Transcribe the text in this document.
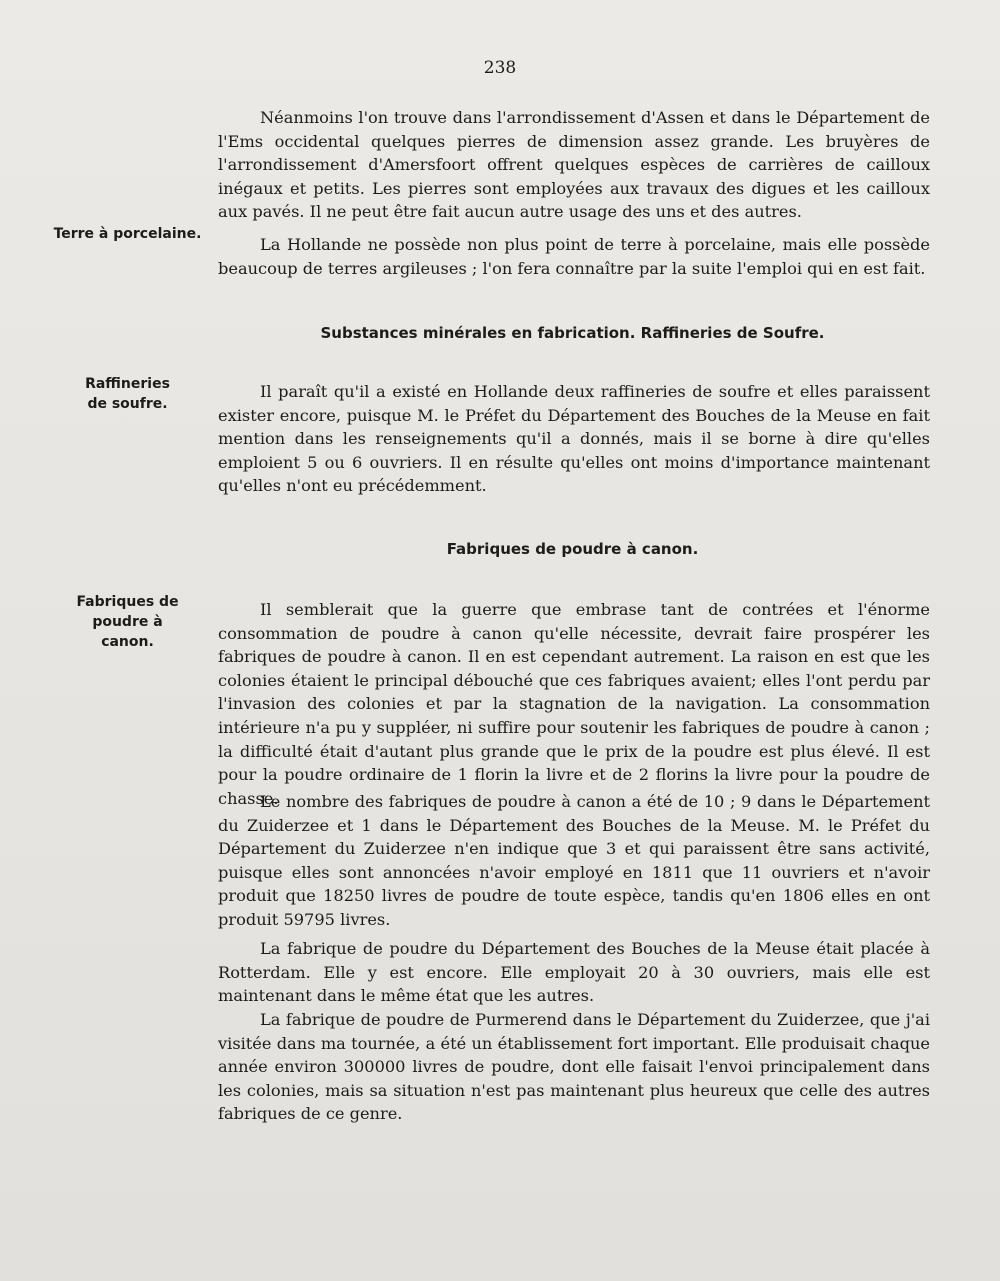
238

Néanmoins l'on trouve dans l'arrondissement d'Assen et dans le Département de l'Ems occidental quelques pierres de dimension assez grande. Les bruyères de l'arrondissement d'Amersfoort offrent quelques espèces de carrières de cailloux inégaux et petits. Les pierres sont employées aux travaux des digues et les cailloux aux pavés. Il ne peut être fait aucun autre usage des uns et des autres.

Terre à porcelaine.

La Hollande ne possède non plus point de terre à porcelaine, mais elle possède beaucoup de terres argileuses ; l'on fera connaître par la suite l'emploi qui en est fait.

Substances minérales en fabrication. Raffineries de Soufre.
Raffineries de soufre.

Il paraît qu'il a existé en Hollande deux raffineries de soufre et elles paraissent exister encore, puisque M. le Préfet du Département des Bouches de la Meuse en fait mention dans les renseignements qu'il a donnés, mais il se borne à dire qu'elles emploient 5 ou 6 ouvriers. Il en résulte qu'elles ont moins d'importance maintenant qu'elles n'ont eu précédemment.

Fabriques de poudre à canon.
Fabriques de poudre à canon.

Il semblerait que la guerre que embrase tant de contrées et l'énorme consommation de poudre à canon qu'elle nécessite, devrait faire prospérer les fabriques de poudre à canon. Il en est cependant autrement. La raison en est que les colonies étaient le principal débouché que ces fabriques avaient; elles l'ont perdu par l'invasion des colonies et par la stagnation de la navigation. La consommation intérieure n'a pu y suppléer, ni suffire pour soutenir les fabriques de poudre à canon ; la difficulté était d'autant plus grande que le prix de la poudre est plus élevé. Il est pour la poudre ordinaire de 1 florin la livre et de 2 florins la livre pour la poudre de chasse.

Le nombre des fabriques de poudre à canon a été de 10 ; 9 dans le Département du Zuiderzee et 1 dans le Département des Bouches de la Meuse. M. le Préfet du Département du Zuiderzee n'en indique que 3 et qui paraissent être sans activité, puisque elles sont annoncées n'avoir employé en 1811 que 11 ouvriers et n'avoir produit que 18250 livres de poudre de toute espèce, tandis qu'en 1806 elles en ont produit 59795 livres.

La fabrique de poudre du Département des Bouches de la Meuse était placée à Rotterdam. Elle y est encore. Elle employait 20 à 30 ouvriers, mais elle est maintenant dans le même état que les autres.

La fabrique de poudre de Purmerend dans le Département du Zuiderzee, que j'ai visitée dans ma tournée, a été un établissement fort important. Elle produisait chaque année environ 300000 livres de poudre, dont elle faisait l'envoi principalement dans les colonies, mais sa situation n'est pas maintenant plus heureux que celle des autres fabriques de ce genre.
